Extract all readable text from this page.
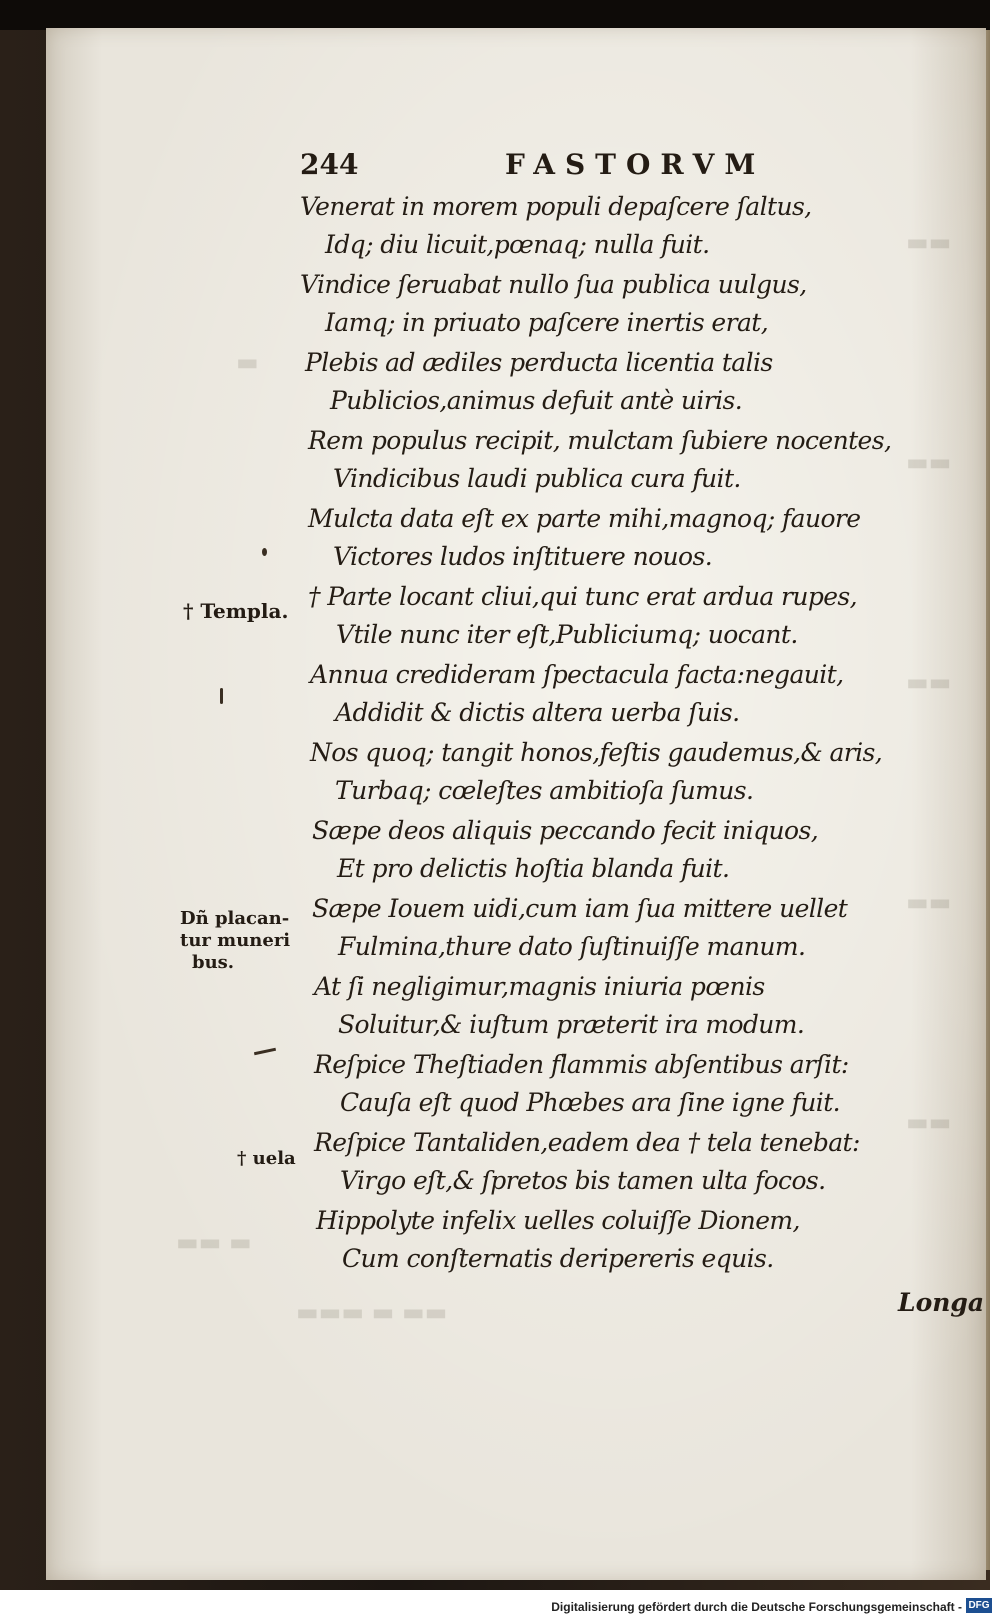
▬▬
▬▬
▬▬
▬▬
▬▬
▬
▬▬ ▬
▬▬▬ ▬ ▬▬
244	FASTORVM
Venerat in morem populi depaſcere ſaltus,
Idq; diu licuit,pœnaq; nulla fuit.
Vindice ſeruabat nullo ſua publica uulgus,
Iamq; in priuato paſcere inertis erat,
Plebis ad ædiles perducta licentia talis
Publicios,animus defuit antè uiris.
Rem populus recipit, mulctam ſubiere nocentes,
Vindicibus laudi publica cura fuit.
Mulcta data eſt ex parte mihi,magnoq; fauore
Victores ludos inſtituere nouos.
† Parte locant cliui,qui tunc erat ardua rupes,
Vtile nunc iter eſt,Publiciumq; uocant.
Annua credideram ſpectacula facta:negauit,
Addidit & dictis altera uerba ſuis.
Nos quoq; tangit honos,feſtis gaudemus,& aris,
Turbaq; cœleſtes ambitioſa ſumus.
Sæpe deos aliquis peccando fecit iniquos,
Et pro delictis hoſtia blanda fuit.
Sæpe Iouem uidi,cum iam ſua mittere uellet
Fulmina,thure dato ſuſtinuiſſe manum.
At ſi negligimur,magnis iniuria pœnis
Soluitur,& iuſtum præterit ira modum.
Reſpice Theſtiaden flammis abſentibus arſit:
Cauſa eſt quod Phœbes ara ſine igne fuit.
Reſpice Tantaliden,eadem dea † tela tenebat:
Virgo eſt,& ſpretos bis tamen ulta focos.
Hippolyte infelix uelles coluiſſe Dionem,
Cum conſternatis deripereris equis.
† Templa.
Dñ placan-
tur muneri
bus.
† uela
Longa
Digitalisierung gefördert durch die Deutsche Forschungsgemeinschaft - DFG
